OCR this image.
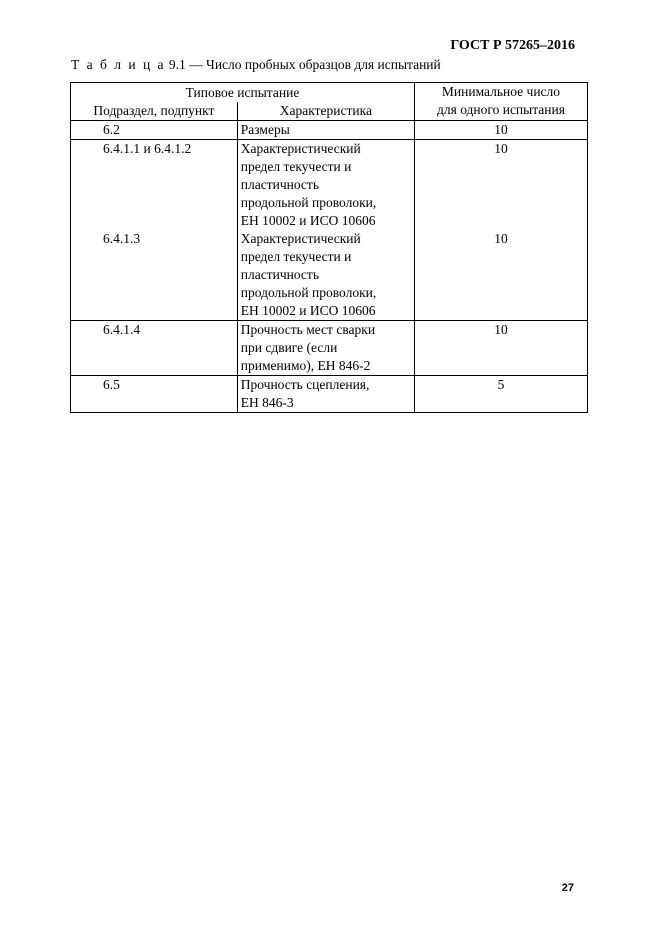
ГОСТ Р 57265–2016
Т а б л и ц а 9.1 — Число пробных образцов для испытаний
Типовое испытание		Минимальное число
для одного испытания
Подраздел, подпункт	Характеристика	
6.2	Размеры	10
6.4.1.1 и 6.4.1.2	Характеристический
предел текучести и
пластичность
продольной проволоки,
ЕН 10002 и ИСО 10606	10
6.4.1.3	Характеристический
предел текучести и
пластичность
продольной проволоки,
ЕН 10002 и ИСО 10606	10
6.4.1.4	Прочность мест сварки
при сдвиге (если
применимо), ЕН 846-2	10
6.5	Прочность сцепления,
ЕН 846-3	5
27
